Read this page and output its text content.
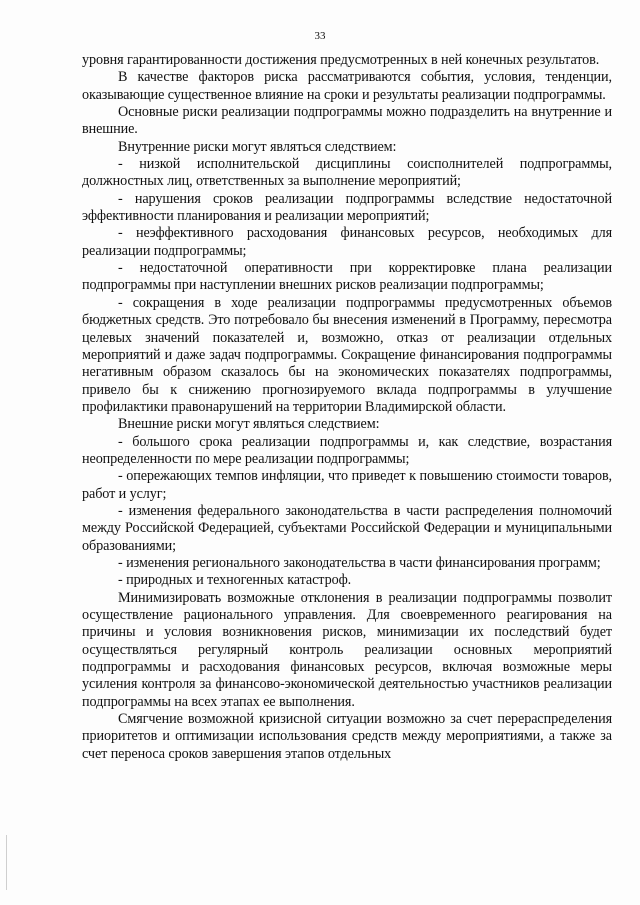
33

уровня гарантированности достижения предусмотренных в ней конечных результатов.

В качестве факторов риска рассматриваются события, условия, тенденции, оказывающие существенное влияние на сроки и результаты реализации подпрограммы.

Основные риски реализации подпрограммы можно подразделить на внутренние и внешние.

Внутренние риски могут являться следствием:

- низкой исполнительской дисциплины соисполнителей подпрограммы, должностных лиц, ответственных за выполнение мероприятий;

- нарушения сроков реализации подпрограммы вследствие недостаточной эффективности планирования и реализации мероприятий;

- неэффективного расходования финансовых ресурсов, необходимых для реализации подпрограммы;

- недостаточной оперативности при корректировке плана реализации подпрограммы при наступлении внешних рисков реализации подпрограммы;

- сокращения в ходе реализации подпрограммы предусмотренных объемов бюджетных средств. Это потребовало бы внесения изменений в Программу, пересмотра целевых значений показателей и, возможно, отказ от реализации отдельных мероприятий и даже задач подпрограммы. Сокращение финансирования подпрограммы негативным образом сказалось бы на экономических показателях подпрограммы, привело бы к снижению прогнозируемого вклада подпрограммы в улучшение профилактики правонарушений на территории Владимирской области.

Внешние риски могут являться следствием:

- большого срока реализации подпрограммы и, как следствие, возрастания неопределенности по мере реализации подпрограммы;

- опережающих темпов инфляции, что приведет к повышению стоимости товаров, работ и услуг;

- изменения федерального законодательства в части распределения полномочий между Российской Федерацией, субъектами Российской Федерации и муниципальными образованиями;

- изменения регионального законодательства в части финансирования программ;

- природных и техногенных катастроф.

Минимизировать возможные отклонения в реализации подпрограммы позволит осуществление рационального управления. Для своевременного реагирования на причины и условия возникновения рисков, минимизации их последствий будет осуществляться регулярный контроль реализации основных мероприятий подпрограммы и расходования финансовых ресурсов, включая возможные меры усиления контроля за финансово-экономической деятельностью участников реализации подпрограммы на всех этапах ее выполнения.

Смягчение возможной кризисной ситуации возможно за счет перераспределения приоритетов и оптимизации использования средств между мероприятиями, а также за счет переноса сроков завершения этапов отдельных
